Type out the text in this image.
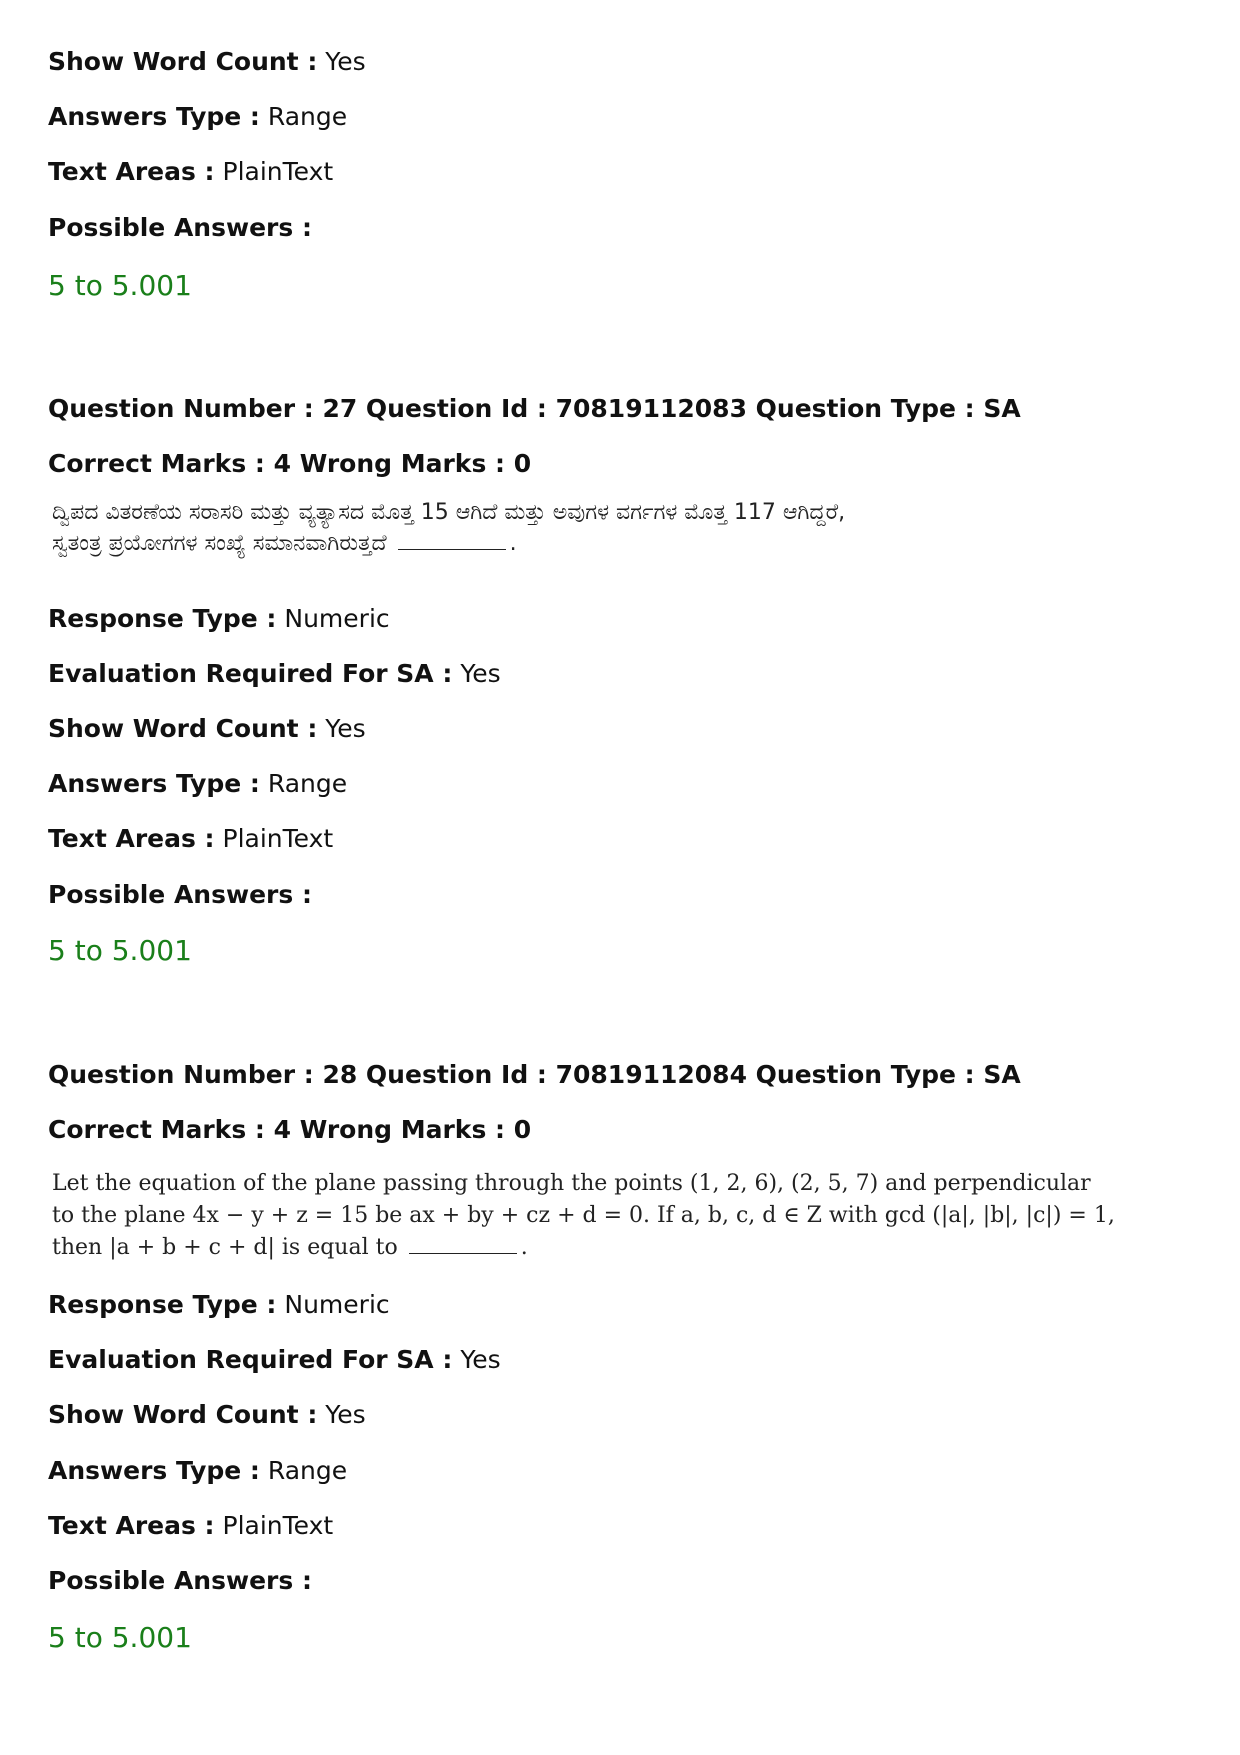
Show Word Count : Yes
Answers Type : Range
Text Areas : PlainText
Possible Answers :
5 to 5.001
Question Number : 27 Question Id : 70819112083 Question Type : SA
Correct Marks : 4 Wrong Marks : 0
ದ್ವಿಪದ ವಿತರಣೆಯ ಸರಾಸರಿ ಮತ್ತು ವ್ಯತ್ಯಾಸದ ಮೊತ್ತ 15 ಆಗಿದೆ ಮತ್ತು ಅವುಗಳ ವರ್ಗಗಳ ಮೊತ್ತ 117 ಆಗಿದ್ದರೆ,
ಸ್ವತಂತ್ರ ಪ್ರಯೋಗಗಳ ಸಂಖ್ಯೆ ಸಮಾನವಾಗಿರುತ್ತದೆ	.
Response Type : Numeric
Evaluation Required For SA : Yes
Show Word Count : Yes
Answers Type : Range
Text Areas : PlainText
Possible Answers :
5 to 5.001
Question Number : 28 Question Id : 70819112084 Question Type : SA
Correct Marks : 4 Wrong Marks : 0
Let the equation of the plane passing through the points (1, 2, 6), (2, 5, 7) and perpendicular
to the plane 4x − y + z = 15 be ax + by + cz + d = 0. If a, b, c, d ∈ Z with gcd (|a|, |b|, |c|) = 1,
then |a + b + c + d| is equal to	.
Response Type : Numeric
Evaluation Required For SA : Yes
Show Word Count : Yes
Answers Type : Range
Text Areas : PlainText
Possible Answers :
5 to 5.001
